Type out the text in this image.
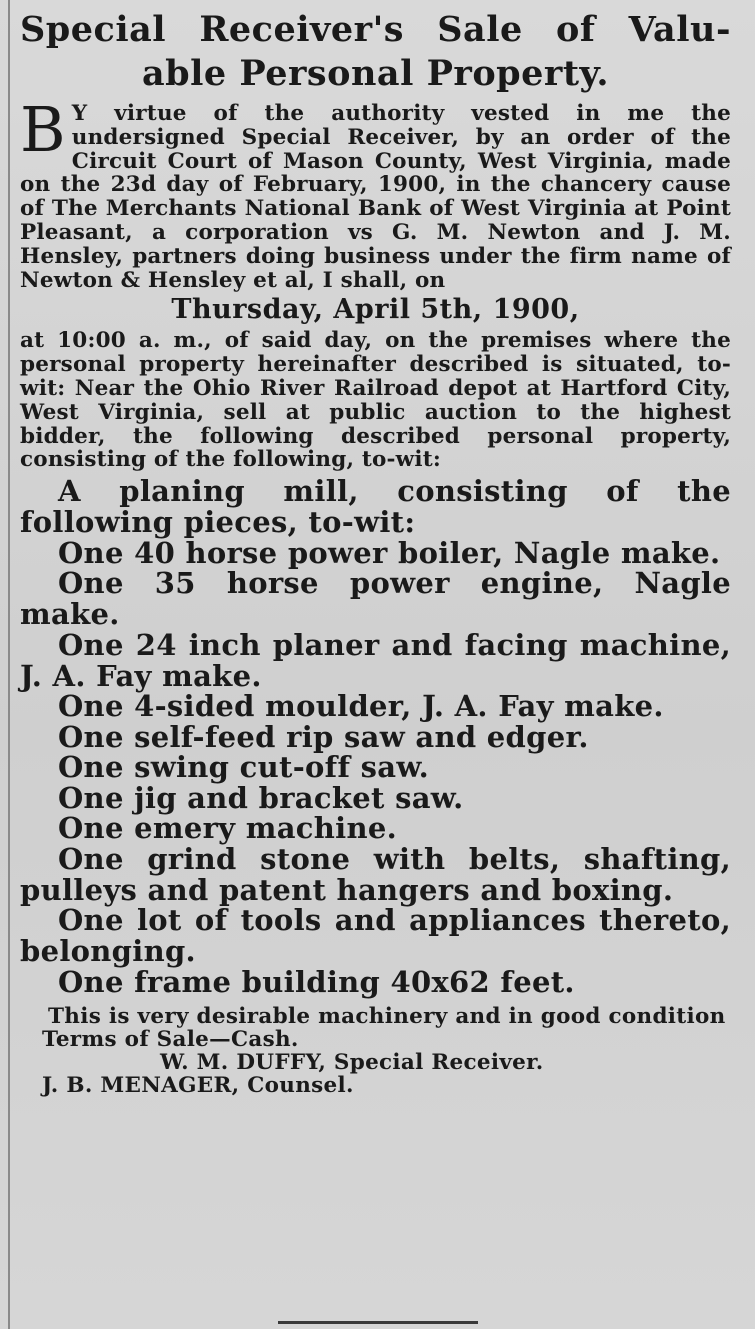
Special Receiver's Sale of Valu-

able Personal Property.

B Y virtue of the authority vested in me the undersigned Special Receiver, by an order of the Circuit Court of Mason County, West Virginia, made on the 23d day of February, 1900, in the chancery cause of The Merchants National Bank of West Virginia at Point Pleasant, a corporation vs G. M. Newton and J. M. Hensley, partners doing business under the firm name of Newton & Hensley et al, I shall, on

Thursday, April 5th, 1900,

at 10:00 a. m., of said day, on the premises where the personal property hereinafter described is situated, to-wit: Near the Ohio River Railroad depot at Hartford City, West Virginia, sell at public auction to the highest bidder, the following described personal property, consisting of the following, to-wit:

A planing mill, consisting of the following pieces, to-wit:

One 40 horse power boiler, Nagle make.

One 35 horse power engine, Nagle make.

One 24 inch planer and facing machine, J. A. Fay make.

One 4-sided moulder, J. A. Fay make.

One self-feed rip saw and edger.

One swing cut-off saw.

One jig and bracket saw.

One emery machine.

One grind stone with belts, shafting, pulleys and patent hangers and boxing.

One lot of tools and appliances thereto, belonging.

One frame building 40x62 feet.

This is very desirable machinery and in good condition
Terms of Sale—Cash.
W. M. DUFFY, Special Receiver.
J. B. MENAGER, Counsel.
